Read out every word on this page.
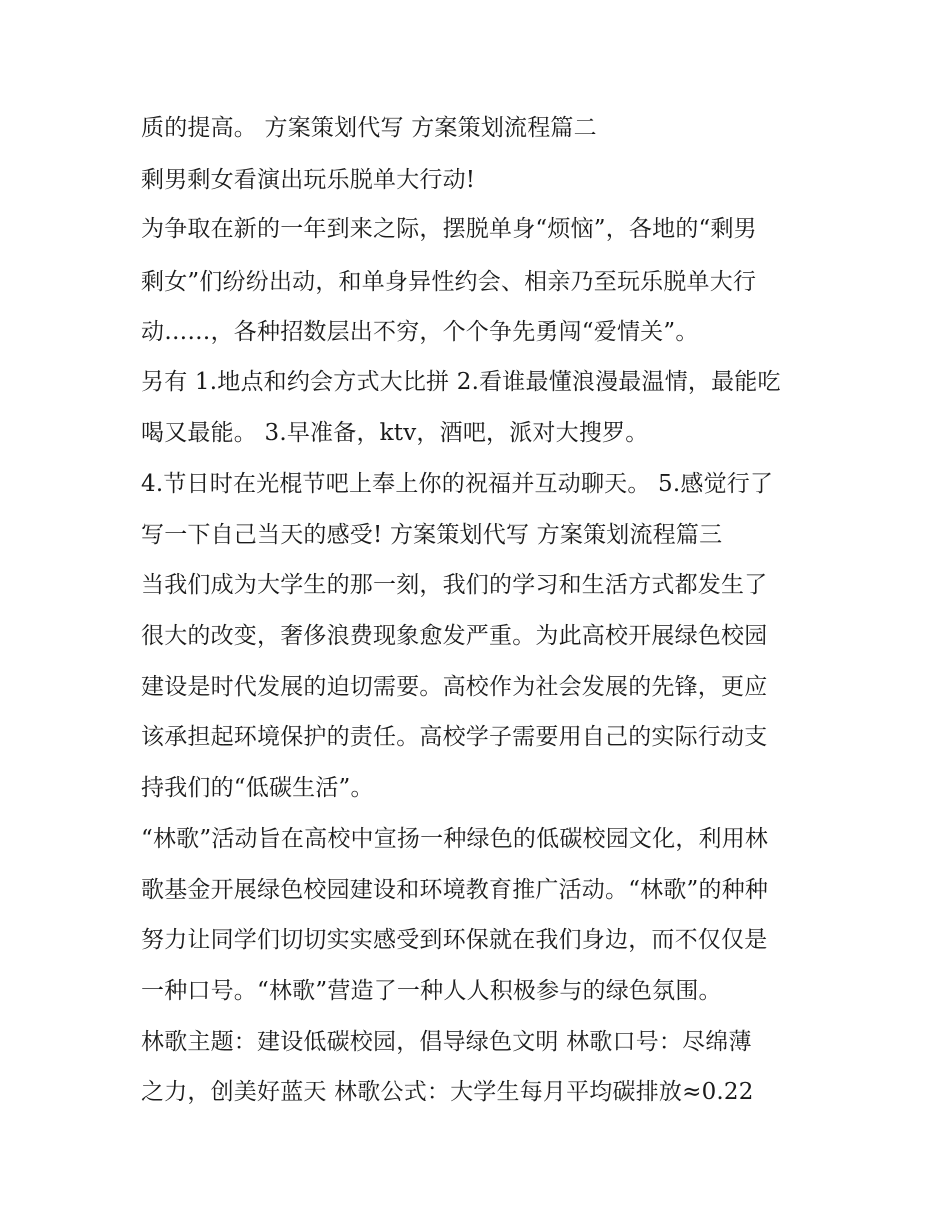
质的提高。 方案策划代写 方案策划流程篇二
剩男剩女看演出玩乐脱单大行动!
为争取在新的一年到来之际，摆脱单身“烦恼”，各地的“剩男
剩女”们纷纷出动，和单身异性约会、相亲乃至玩乐脱单大行
动……，各种招数层出不穷，个个争先勇闯“爱情关”。
另有 1.地点和约会方式大比拼 2.看谁最懂浪漫最温情，最能吃
喝又最能。 3.早准备，ktv，酒吧，派对大搜罗。
4.节日时在光棍节吧上奉上你的祝福并互动聊天。 5.感觉行了
写一下自己当天的感受! 方案策划代写 方案策划流程篇三
当我们成为大学生的那一刻，我们的学习和生活方式都发生了
很大的改变，奢侈浪费现象愈发严重。为此高校开展绿色校园
建设是时代发展的迫切需要。高校作为社会发展的先锋，更应
该承担起环境保护的责任。高校学子需要用自己的实际行动支
持我们的“低碳生活”。
“林歌”活动旨在高校中宣扬一种绿色的低碳校园文化，利用林
歌基金开展绿色校园建设和环境教育推广活动。“林歌”的种种
努力让同学们切切实实感受到环保就在我们身边，而不仅仅是
一种口号。“林歌”营造了一种人人积极参与的绿色氛围。
林歌主题：建设低碳校园，倡导绿色文明 林歌口号：尽绵薄
之力，创美好蓝天 林歌公式：大学生每月平均碳排放≈0.22
